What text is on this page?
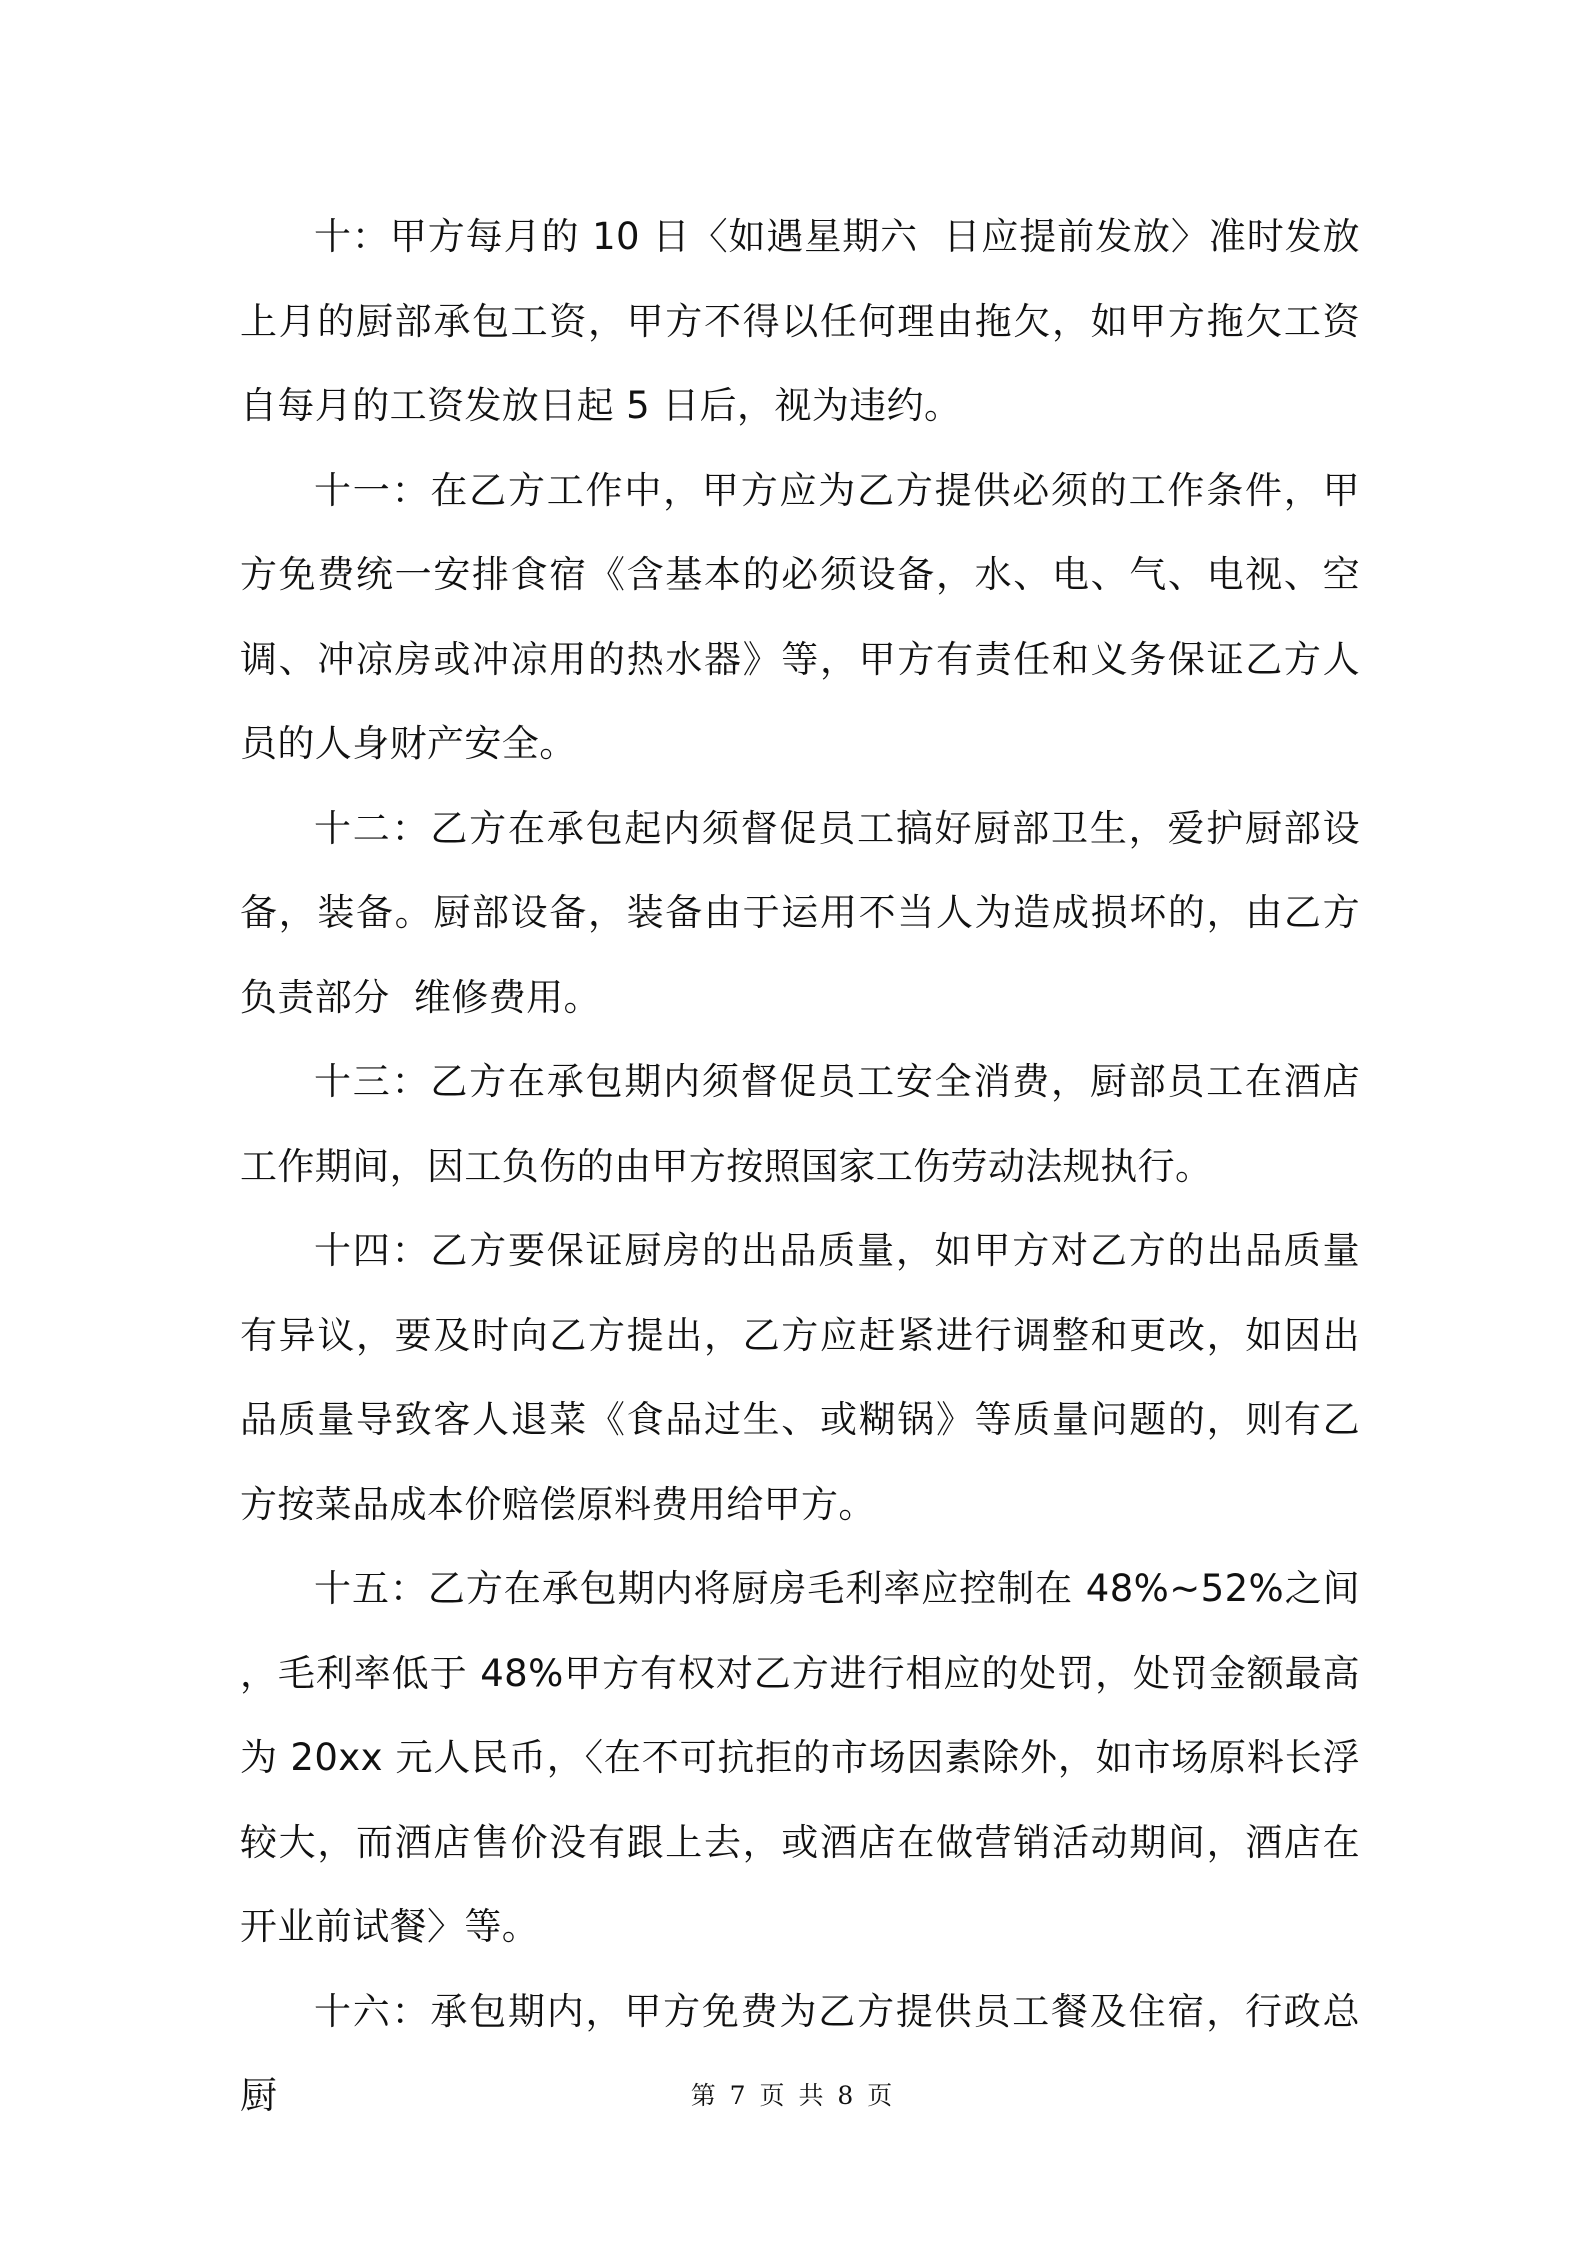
十：甲方每月的 10 日〈如遇星期六  日应提前发放〉准时发放上月的厨部承包工资，甲方不得以任何理由拖欠，如甲方拖欠工资自每月的工资发放日起 5 日后，视为违约。

十一：在乙方工作中，甲方应为乙方提供必须的工作条件，甲方免费统一安排食宿《含基本的必须设备，水、电、气、电视、空调、冲凉房或冲凉用的热水器》等，甲方有责任和义务保证乙方人员的人身财产安全。

十二：乙方在承包起内须督促员工搞好厨部卫生，爱护厨部设备，装备。厨部设备，装备由于运用不当人为造成损坏的，由乙方负责部分  维修费用。

十三：乙方在承包期内须督促员工安全消费，厨部员工在酒店工作期间，因工负伤的由甲方按照国家工伤劳动法规执行。

十四：乙方要保证厨房的出品质量，如甲方对乙方的出品质量有异议，要及时向乙方提出，乙方应赶紧进行调整和更改，如因出品质量导致客人退菜《食品过生、或糊锅》等质量问题的，则有乙方按菜品成本价赔偿原料费用给甲方。

十五：乙方在承包期内将厨房毛利率应控制在 48%~52%之间，毛利率低于 48%甲方有权对乙方进行相应的处罚，处罚金额最高为 20xx 元人民币，〈在不可抗拒的市场因素除外，如市场原料长浮较大，而酒店售价没有跟上去，或酒店在做营销活动期间，酒店在开业前试餐〉等。

十六：承包期内，甲方免费为乙方提供员工餐及住宿，行政总厨	第 7 页 共 8 页
